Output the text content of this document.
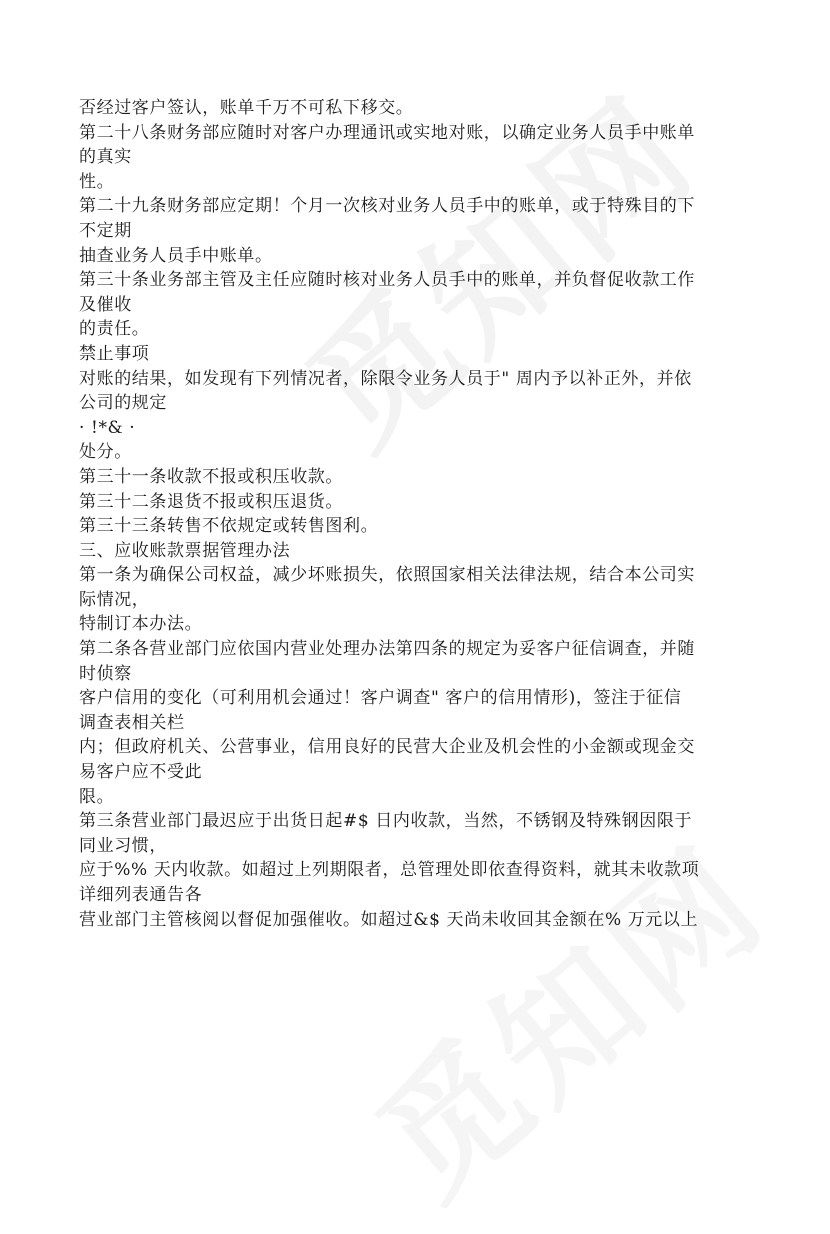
否经过客户签认，账单千万不可私下移交。
第二十八条财务部应随时对客户办理通讯或实地对账，以确定业务人员手中账单
的真实
性。
第二十九条财务部应定期！个月一次核对业务人员手中的账单，或于特殊目的下
不定期
抽查业务人员手中账单。
第三十条业务部主管及主任应随时核对业务人员手中的账单，并负督促收款工作
及催收
的责任。
禁止事项
对账的结果，如发现有下列情况者，除限令业务人员于" 周内予以补正外，并依
公司的规定
· !*& ·
处分。
第三十一条收款不报或积压收款。
第三十二条退货不报或积压退货。
第三十三条转售不依规定或转售图利。
三、应收账款票据管理办法
第一条为确保公司权益，减少坏账损失，依照国家相关法律法规，结合本公司实
际情况，
特制订本办法。
第二条各营业部门应依国内营业处理办法第四条的规定为妥客户征信调查，并随
时侦察
客户信用的变化（可利用机会通过！客户调查" 客户的信用情形)，签注于征信
调查表相关栏
内；但政府机关、公营事业，信用良好的民营大企业及机会性的小金额或现金交
易客户应不受此
限。
第三条营业部门最迟应于出货日起#$ 日内收款，当然，不锈钢及特殊钢因限于
同业习惯，
应于%% 天内收款。如超过上列期限者，总管理处即依查得资料，就其未收款项
详细列表通告各
营业部门主管核阅以督促加强催收。如超过&$ 天尚未收回其金额在% 万元以上
